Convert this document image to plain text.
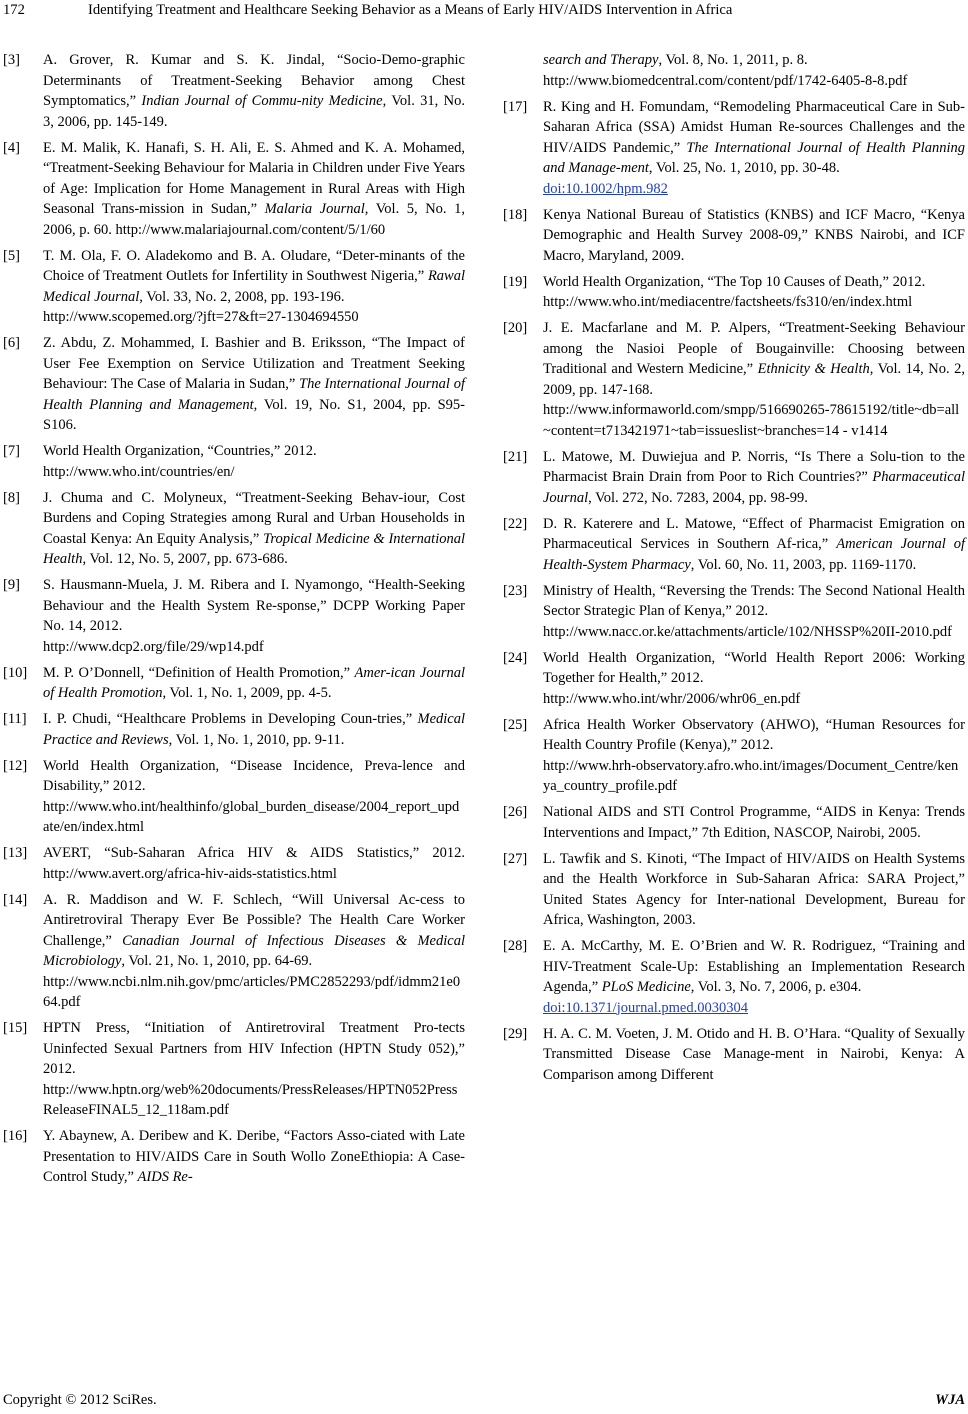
172	Identifying Treatment and Healthcare Seeking Behavior as a Means of Early HIV/AIDS Intervention in Africa
[3]	A. Grover, R. Kumar and S. K. Jindal, “Socio-Demo-graphic Determinants of Treatment-Seeking Behavior among Chest Symptomatics,” Indian Journal of Commu-nity Medicine, Vol. 31, No. 3, 2006, pp. 145-149.
[4]	E. M. Malik, K. Hanafi, S. H. Ali, E. S. Ahmed and K. A. Mohamed, “Treatment-Seeking Behaviour for Malaria in Children under Five Years of Age: Implication for Home Management in Rural Areas with High Seasonal Trans-mission in Sudan,” Malaria Journal, Vol. 5, No. 1, 2006, p. 60. http://www.malariajournal.com/content/5/1/60
[5]	T. M. Ola, F. O. Aladekomo and B. A. Oludare, “Deter-minants of the Choice of Treatment Outlets for Infertility in Southwest Nigeria,” Rawal Medical Journal, Vol. 33, No. 2, 2008, pp. 193-196.
http://www.scopemed.org/?jft=27&ft=27-1304694550
[6]	Z. Abdu, Z. Mohammed, I. Bashier and B. Eriksson, “The Impact of User Fee Exemption on Service Utilization and Treatment Seeking Behaviour: The Case of Malaria in Sudan,” The International Journal of Health Planning and Management, Vol. 19, No. S1, 2004, pp. S95-S106.
[7]	World Health Organization, “Countries,” 2012.
http://www.who.int/countries/en/
[8]	J. Chuma and C. Molyneux, “Treatment-Seeking Behav-iour, Cost Burdens and Coping Strategies among Rural and Urban Households in Coastal Kenya: An Equity Analysis,” Tropical Medicine & International Health, Vol. 12, No. 5, 2007, pp. 673-686.
[9]	S. Hausmann-Muela, J. M. Ribera and I. Nyamongo, “Health-Seeking Behaviour and the Health System Re-sponse,” DCPP Working Paper No. 14, 2012.
http://www.dcp2.org/file/29/wp14.pdf
[10]	M. P. O’Donnell, “Definition of Health Promotion,” Amer-ican Journal of Health Promotion, Vol. 1, No. 1, 2009, pp. 4-5.
[11]	I. P. Chudi, “Healthcare Problems in Developing Coun-tries,” Medical Practice and Reviews, Vol. 1, No. 1, 2010, pp. 9-11.
[12]	World Health Organization, “Disease Incidence, Preva-lence and Disability,” 2012.
http://www.who.int/healthinfo/global_burden_disease/2004_report_update/en/index.html
[13]	AVERT, “Sub-Saharan Africa HIV & AIDS Statistics,” 2012. http://www.avert.org/africa-hiv-aids-statistics.html
[14]	A. R. Maddison and W. F. Schlech, “Will Universal Ac-cess to Antiretroviral Therapy Ever Be Possible? The Health Care Worker Challenge,” Canadian Journal of Infectious Diseases & Medical Microbiology, Vol. 21, No. 1, 2010, pp. 64-69.
http://www.ncbi.nlm.nih.gov/pmc/articles/PMC2852293/pdf/idmm21e064.pdf
[15]	HPTN Press, “Initiation of Antiretroviral Treatment Pro-tects Uninfected Sexual Partners from HIV Infection (HPTN Study 052),” 2012.
http://www.hptn.org/web%20documents/PressReleases/HPTN052PressReleaseFINAL5_12_118am.pdf
[16]	Y. Abaynew, A. Deribew and K. Deribe, “Factors Asso-ciated with Late Presentation to HIV/AIDS Care in South Wollo ZoneEthiopia: A Case-Control Study,” AIDS Re-
search and Therapy, Vol. 8, No. 1, 2011, p. 8.
http://www.biomedcentral.com/content/pdf/1742-6405-8-8.pdf
[17]	R. King and H. Fomundam, “Remodeling Pharmaceutical Care in Sub-Saharan Africa (SSA) Amidst Human Re-sources Challenges and the HIV/AIDS Pandemic,” The International Journal of Health Planning and Manage-ment, Vol. 25, No. 1, 2010, pp. 30-48.
doi:10.1002/hpm.982
[18]	Kenya National Bureau of Statistics (KNBS) and ICF Macro, “Kenya Demographic and Health Survey 2008-09,” KNBS Nairobi, and ICF Macro, Maryland, 2009.
[19]	World Health Organization, “The Top 10 Causes of Death,” 2012.
http://www.who.int/mediacentre/factsheets/fs310/en/index.html
[20]	J. E. Macfarlane and M. P. Alpers, “Treatment-Seeking Behaviour among the Nasioi People of Bougainville: Choosing between Traditional and Western Medicine,” Ethnicity & Health, Vol. 14, No. 2, 2009, pp. 147-168.
http://www.informaworld.com/smpp/516690265-78615192/title~db=all~content=t713421971~tab=issueslist~branches=14 - v1414
[21]	L. Matowe, M. Duwiejua and P. Norris, “Is There a Solu-tion to the Pharmacist Brain Drain from Poor to Rich Countries?” Pharmaceutical Journal, Vol. 272, No. 7283, 2004, pp. 98-99.
[22]	D. R. Katerere and L. Matowe, “Effect of Pharmacist Emigration on Pharmaceutical Services in Southern Af-rica,” American Journal of Health-System Pharmacy, Vol. 60, No. 11, 2003, pp. 1169-1170.
[23]	Ministry of Health, “Reversing the Trends: The Second National Health Sector Strategic Plan of Kenya,” 2012.
http://www.nacc.or.ke/attachments/article/102/NHSSP%20II-2010.pdf
[24]	World Health Organization, “World Health Report 2006: Working Together for Health,” 2012.
http://www.who.int/whr/2006/whr06_en.pdf
[25]	Africa Health Worker Observatory (AHWO), “Human Resources for Health Country Profile (Kenya),” 2012.
http://www.hrh-observatory.afro.who.int/images/Document_Centre/kenya_country_profile.pdf
[26]	National AIDS and STI Control Programme, “AIDS in Kenya: Trends Interventions and Impact,” 7th Edition, NASCOP, Nairobi, 2005.
[27]	L. Tawfik and S. Kinoti, “The Impact of HIV/AIDS on Health Systems and the Health Workforce in Sub-Saharan Africa: SARA Project,” United States Agency for Inter-national Development, Bureau for Africa, Washington, 2003.
[28]	E. A. McCarthy, M. E. O’Brien and W. R. Rodriguez, “Training and HIV-Treatment Scale-Up: Establishing an Implementation Research Agenda,” PLoS Medicine, Vol. 3, No. 7, 2006, p. e304.
doi:10.1371/journal.pmed.0030304
[29]	H. A. C. M. Voeten, J. M. Otido and H. B. O’Hara. “Quality of Sexually Transmitted Disease Case Manage-ment in Nairobi, Kenya: A Comparison among Different
Copyright © 2012 SciRes.	WJA
